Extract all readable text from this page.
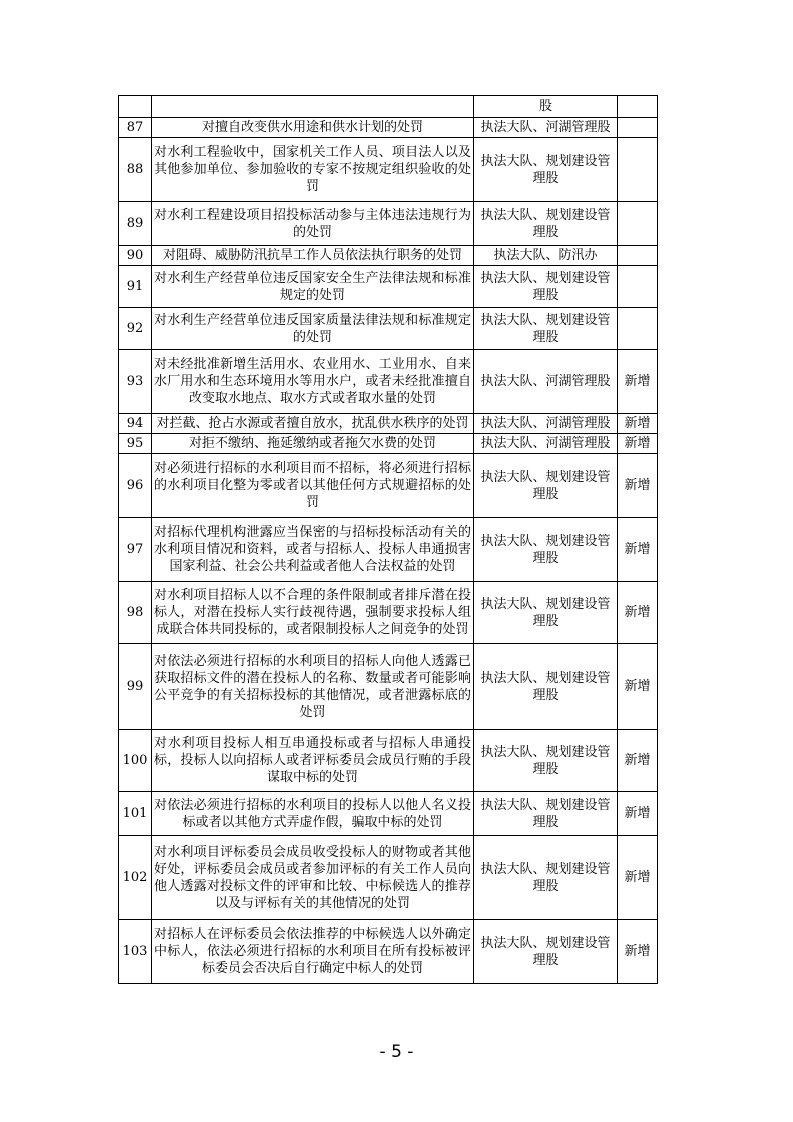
		股	
87	对擅自改变供水用途和供水计划的处罚	执法大队、河湖管理股	
88	对水利工程验收中，国家机关工作人员、项目法人以及其他参加单位、参加验收的专家不按规定组织验收的处罚	执法大队、规划建设管理股	
89	对水利工程建设项目招投标活动参与主体违法违规行为的处罚	执法大队、规划建设管理股	
90	对阻碍、威胁防汛抗旱工作人员依法执行职务的处罚	执法大队、防汛办	
91	对水利生产经营单位违反国家安全生产法律法规和标准规定的处罚	执法大队、规划建设管理股	
92	对水利生产经营单位违反国家质量法律法规和标准规定的处罚	执法大队、规划建设管理股	
93	对未经批准新增生活用水、农业用水、工业用水、自来水厂用水和生态环境用水等用水户，或者未经批准擅自改变取水地点、取水方式或者取水量的处罚	执法大队、河湖管理股	新增
94	对拦截、抢占水源或者擅自放水，扰乱供水秩序的处罚	执法大队、河湖管理股	新增
95	对拒不缴纳、拖延缴纳或者拖欠水费的处罚	执法大队、河湖管理股	新增
96	对必须进行招标的水利项目而不招标，将必须进行招标的水利项目化整为零或者以其他任何方式规避招标的处罚	执法大队、规划建设管理股	新增
97	对招标代理机构泄露应当保密的与招标投标活动有关的水利项目情况和资料，或者与招标人、投标人串通损害国家利益、社会公共利益或者他人合法权益的处罚	执法大队、规划建设管理股	新增
98	对水利项目招标人以不合理的条件限制或者排斥潜在投标人，对潜在投标人实行歧视待遇，强制要求投标人组成联合体共同投标的，或者限制投标人之间竞争的处罚	执法大队、规划建设管理股	新增
99	对依法必须进行招标的水利项目的招标人向他人透露已获取招标文件的潜在投标人的名称、数量或者可能影响公平竞争的有关招标投标的其他情况，或者泄露标底的处罚	执法大队、规划建设管理股	新增
100	对水利项目投标人相互串通投标或者与招标人串通投标，投标人以向招标人或者评标委员会成员行贿的手段谋取中标的处罚	执法大队、规划建设管理股	新增
101	对依法必须进行招标的水利项目的投标人以他人名义投标或者以其他方式弄虚作假，骗取中标的处罚	执法大队、规划建设管理股	新增
102	对水利项目评标委员会成员收受投标人的财物或者其他好处，评标委员会成员或者参加评标的有关工作人员向他人透露对投标文件的评审和比较、中标候选人的推荐以及与评标有关的其他情况的处罚	执法大队、规划建设管理股	新增
103	对招标人在评标委员会依法推荐的中标候选人以外确定中标人，依法必须进行招标的水利项目在所有投标被评标委员会否决后自行确定中标人的处罚	执法大队、规划建设管理股	新增
- 5 -
